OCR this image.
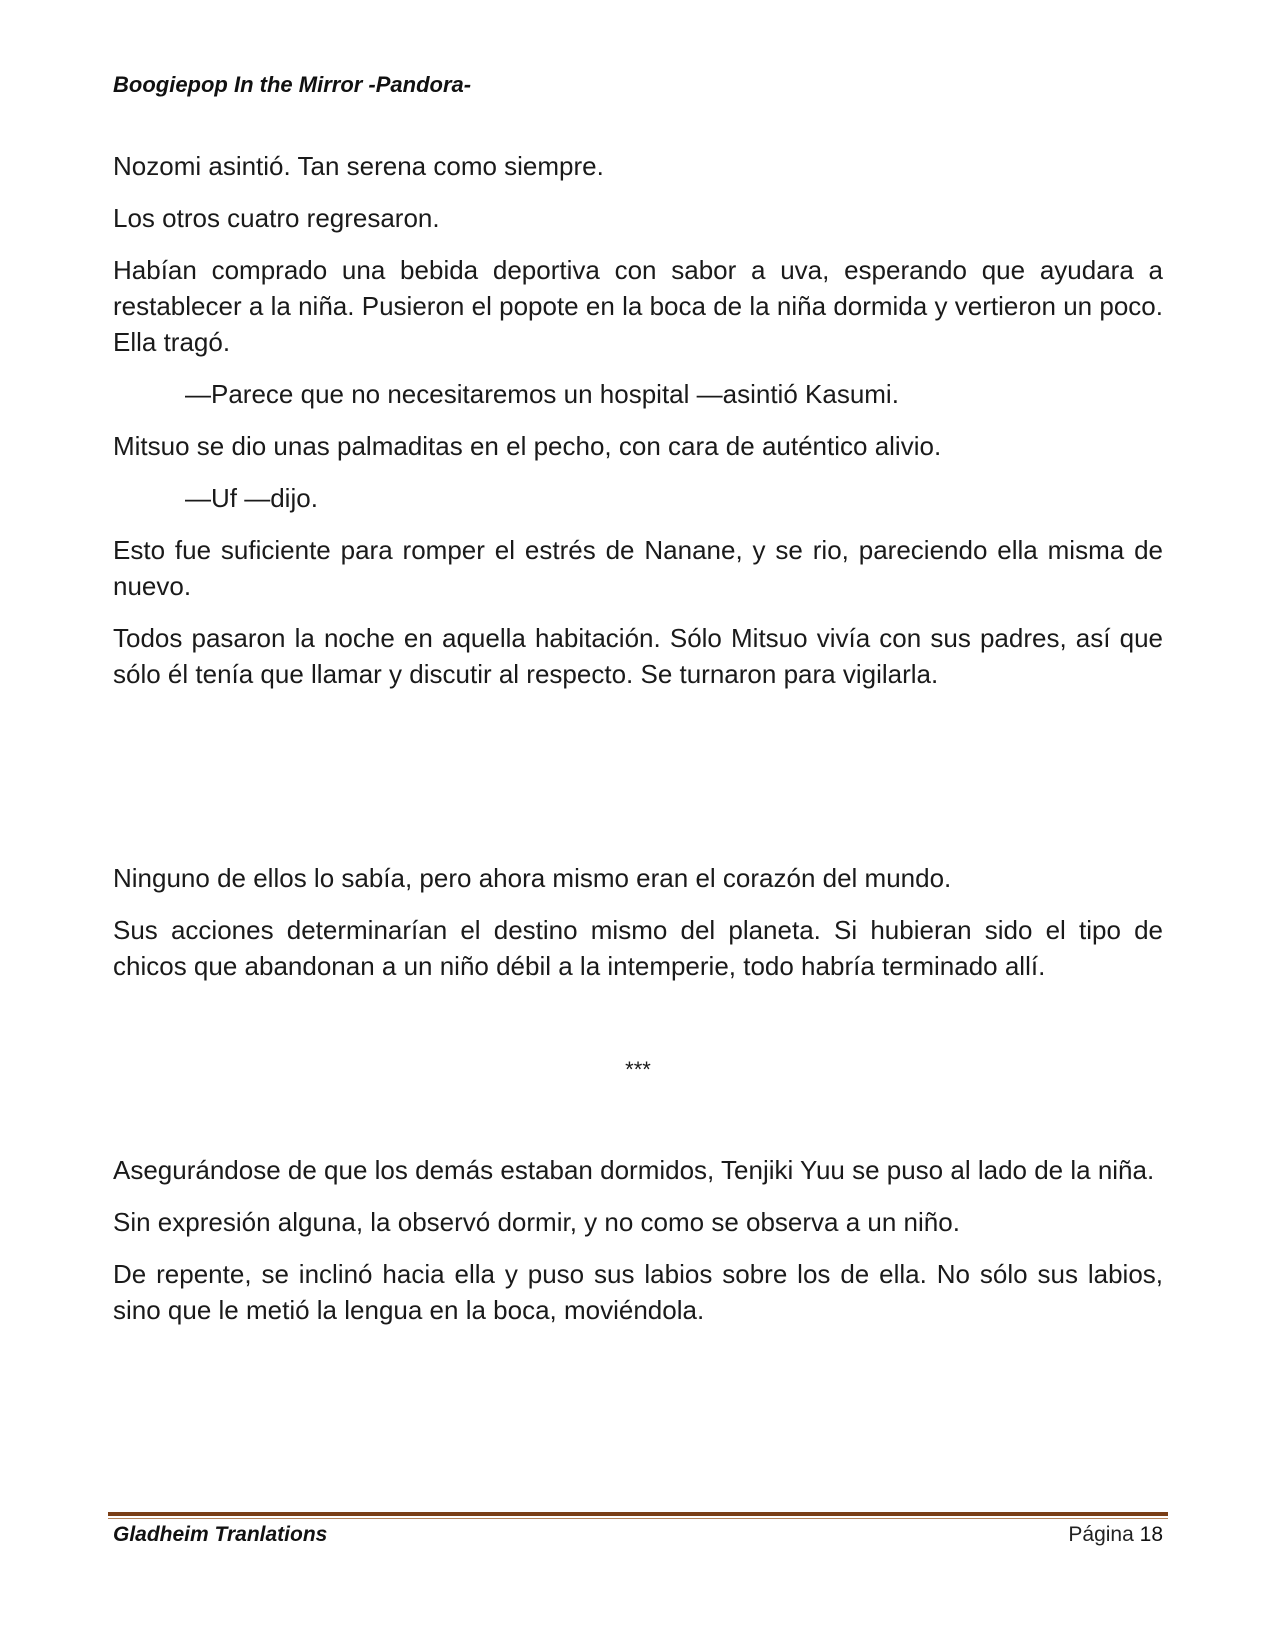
Boogiepop In the Mirror -Pandora-

Nozomi asintió. Tan serena como siempre.

Los otros cuatro regresaron.

Habían comprado una bebida deportiva con sabor a uva, esperando que ayudara a restablecer a la niña. Pusieron el popote en la boca de la niña dormida y vertieron un poco. Ella tragó.

—Parece que no necesitaremos un hospital —asintió Kasumi.

Mitsuo se dio unas palmaditas en el pecho, con cara de auténtico alivio.

—Uf —dijo.

Esto fue suficiente para romper el estrés de Nanane, y se rio, pareciendo ella misma de nuevo.

Todos pasaron la noche en aquella habitación. Sólo Mitsuo vivía con sus padres, así que sólo él tenía que llamar y discutir al respecto. Se turnaron para vigilarla.

Ninguno de ellos lo sabía, pero ahora mismo eran el corazón del mundo.

Sus acciones determinarían el destino mismo del planeta. Si hubieran sido el tipo de chicos que abandonan a un niño débil a la intemperie, todo habría terminado allí.

***

Asegurándose de que los demás estaban dormidos, Tenjiki Yuu se puso al lado de la niña.

Sin expresión alguna, la observó dormir, y no como se observa a un niño.

De repente, se inclinó hacia ella y puso sus labios sobre los de ella. No sólo sus labios, sino que le metió la lengua en la boca, moviéndola.

Gladheim Tranlations	Página 18
